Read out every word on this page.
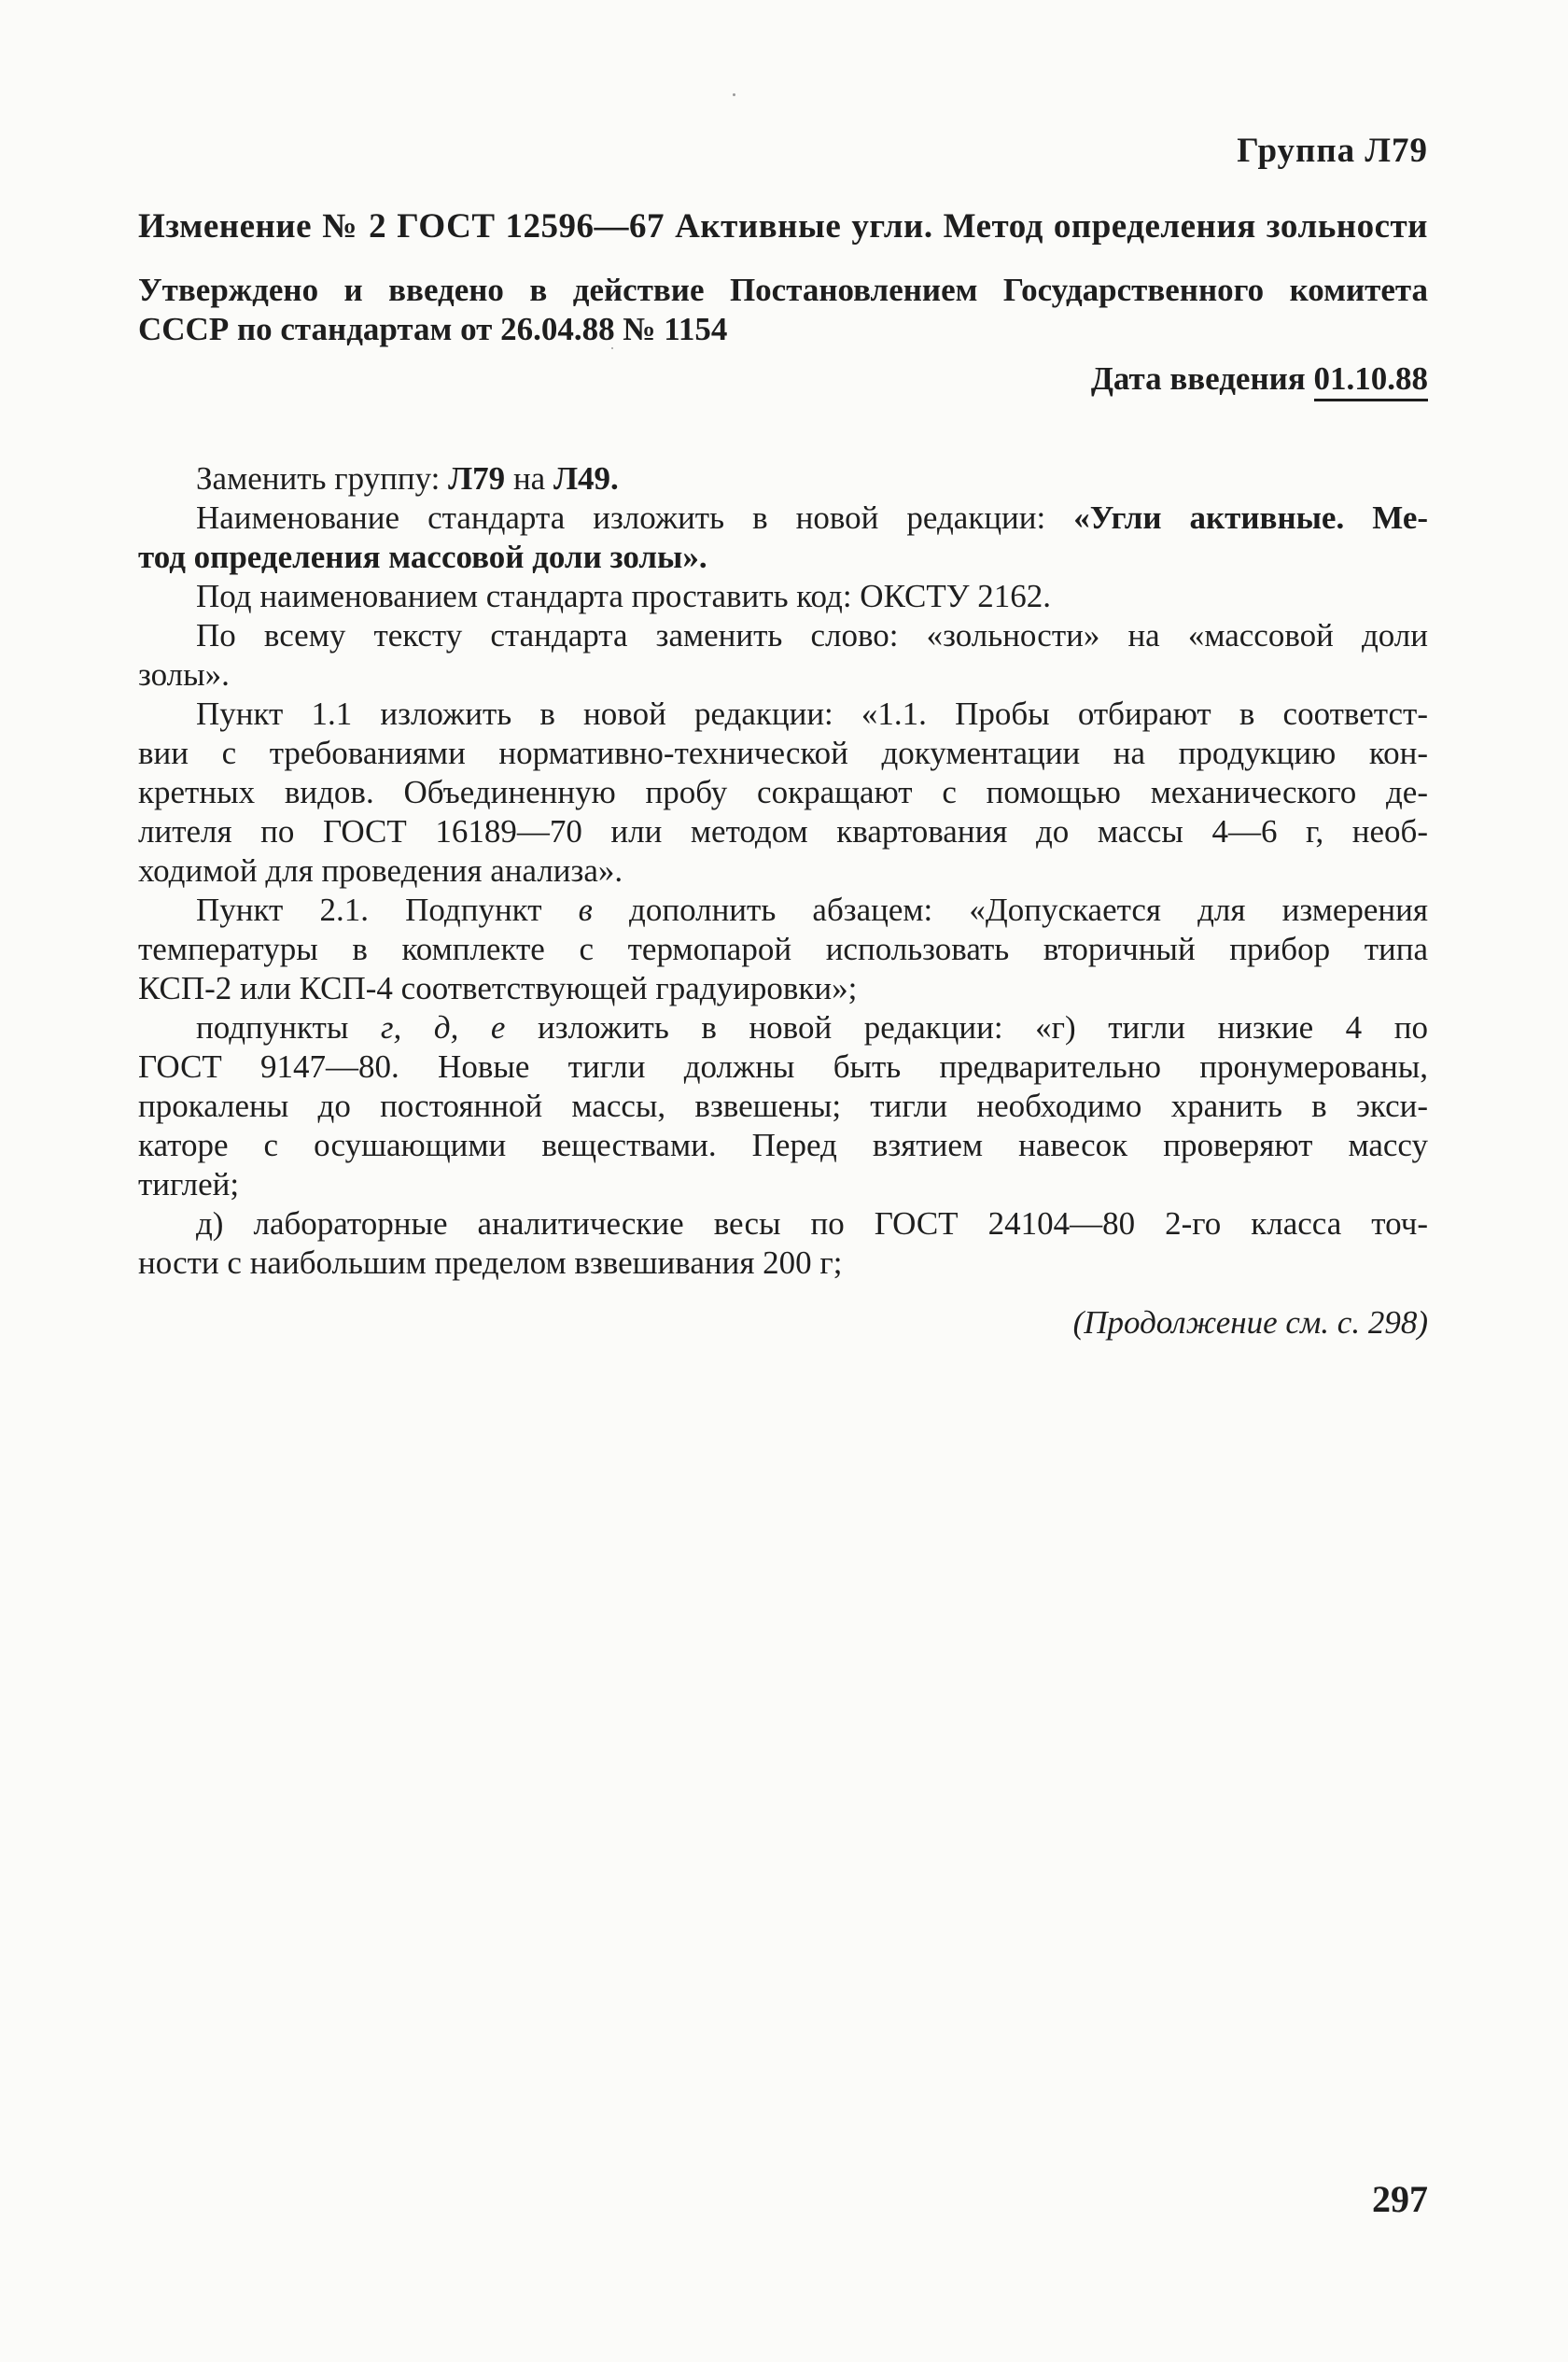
Группа Л79
Изменение № 2 ГОСТ 12596—67 Активные угли. Метод определения зольности
Утверждено и введено в действие Постановлением Государственного комитета
СССР по стандартам от 26.04.88 № 1154
Дата введения 01.10.88

Заменить группу: Л79 на Л49.

Наименование стандарта изложить в новой редакции: «Угли активные. Ме-
тод определения массовой доли золы».

Под наименованием стандарта проставить код: ОКСТУ 2162.

По всему тексту стандарта заменить слово: «зольности» на «массовой доли
золы».

Пункт 1.1 изложить в новой редакции: «1.1. Пробы отбирают в соответст-
вии с требованиями нормативно-технической документации на продукцию кон-
кретных видов. Объединенную пробу сокращают с помощью механического де-
лителя по ГОСТ 16189—70 или методом квартования до массы 4—6 г, необ-
ходимой для проведения анализа».

Пункт 2.1. Подпункт в дополнить абзацем: «Допускается для измерения
температуры в комплекте с термопарой использовать вторичный прибор типа
КСП-2 или КСП-4 соответствующей градуировки»;

подпункты г, д, е изложить в новой редакции: «г) тигли низкие 4 по
ГОСТ 9147—80. Новые тигли должны быть предварительно пронумерованы,
прокалены до постоянной массы, взвешены; тигли необходимо хранить в экси-
каторе с осушающими веществами. Перед взятием навесок проверяют массу
тиглей;

д) лабораторные аналитические весы по ГОСТ 24104—80 2-го класса точ-
ности с наибольшим пределом взвешивания 200 г;

(Продолжение см. с. 298)
297
